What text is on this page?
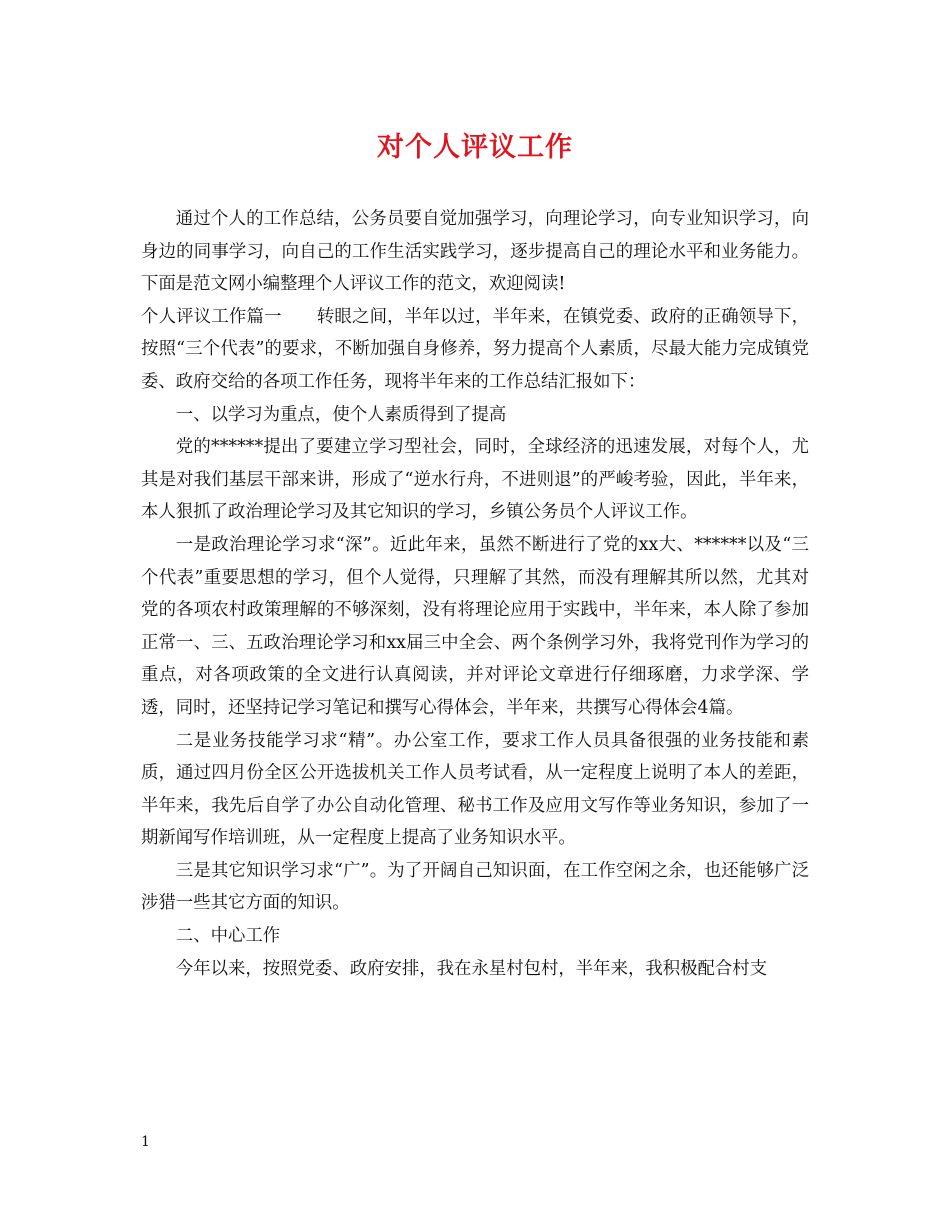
对个人评议工作

通过个人的工作总结，公务员要自觉加强学习，向理论学习，向专业知识学习，向身边的同事学习，向自己的工作生活实践学习，逐步提高自己的理论水平和业务能力。下面是范文网小编整理个人评议工作的范文，欢迎阅读!

个人评议工作篇一　　转眼之间，半年以过，半年来，在镇党委、政府的正确领导下，按照“三个代表”的要求，不断加强自身修养，努力提高个人素质，尽最大能力完成镇党委、政府交给的各项工作任务，现将半年来的工作总结汇报如下：

一、以学习为重点，使个人素质得到了提高

党的******提出了要建立学习型社会，同时，全球经济的迅速发展，对每个人，尤其是对我们基层干部来讲，形成了“逆水行舟，不进则退”的严峻考验，因此，半年来，本人狠抓了政治理论学习及其它知识的学习，乡镇公务员个人评议工作。

一是政治理论学习求“深”。近此年来，虽然不断进行了党的xx大、******以及“三个代表”重要思想的学习，但个人觉得，只理解了其然，而没有理解其所以然，尤其对党的各项农村政策理解的不够深刻，没有将理论应用于实践中，半年来，本人除了参加正常一、三、五政治理论学习和xx届三中全会、两个条例学习外，我将党刊作为学习的重点，对各项政策的全文进行认真阅读，并对评论文章进行仔细琢磨，力求学深、学透，同时，还坚持记学习笔记和撰写心得体会，半年来，共撰写心得体会4篇。

二是业务技能学习求“精”。办公室工作，要求工作人员具备很强的业务技能和素质，通过四月份全区公开选拔机关工作人员考试看，从一定程度上说明了本人的差距，半年来，我先后自学了办公自动化管理、秘书工作及应用文写作等业务知识，参加了一期新闻写作培训班，从一定程度上提高了业务知识水平。

三是其它知识学习求“广”。为了开阔自己知识面，在工作空闲之余，也还能够广泛涉猎一些其它方面的知识。

二、中心工作

今年以来，按照党委、政府安排，我在永星村包村，半年来，我积极配合村支

1
